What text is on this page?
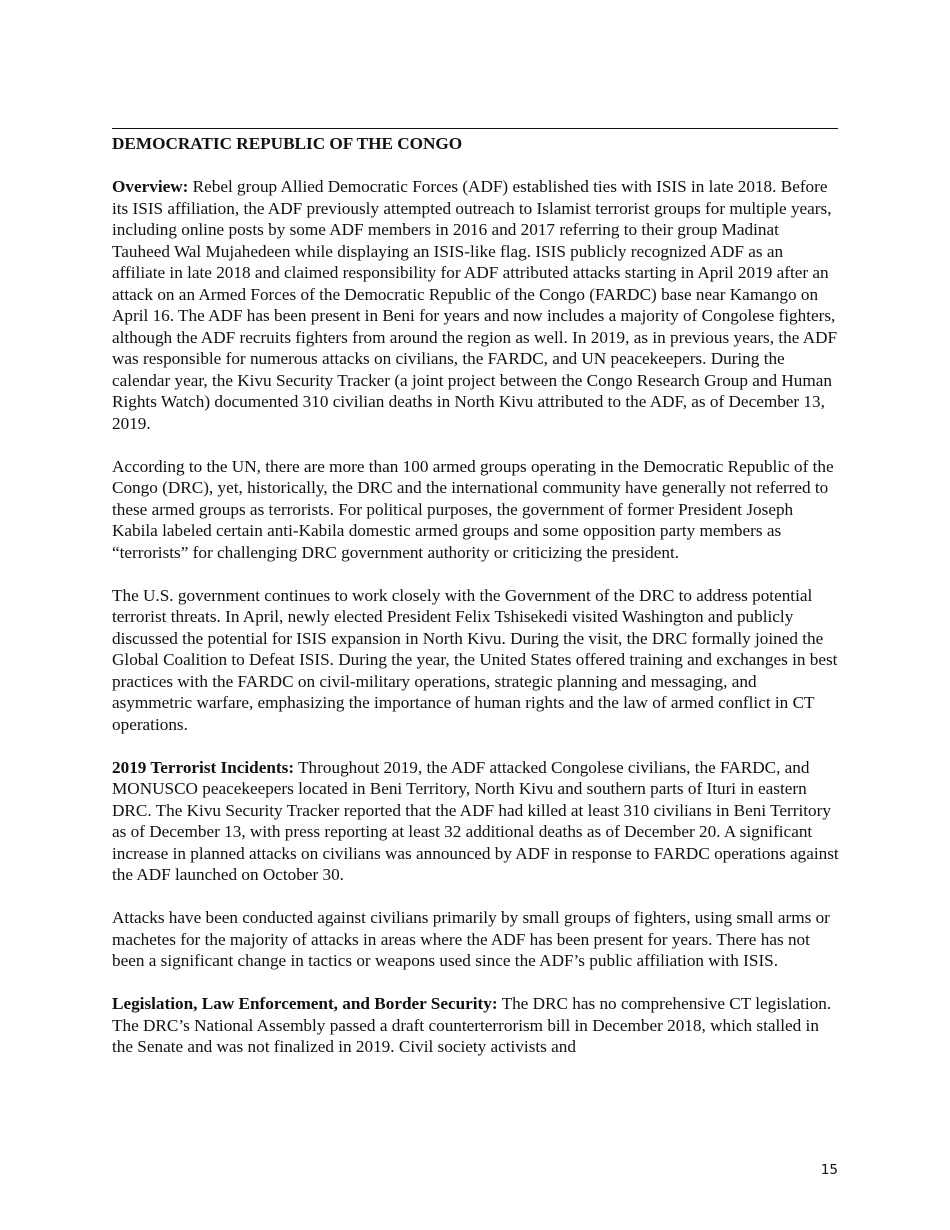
DEMOCRATIC REPUBLIC OF THE CONGO

Overview: Rebel group Allied Democratic Forces (ADF) established ties with ISIS in late 2018. Before its ISIS affiliation, the ADF previously attempted outreach to Islamist terrorist groups for multiple years, including online posts by some ADF members in 2016 and 2017 referring to their group Madinat Tauheed Wal Mujahedeen while displaying an ISIS-like flag. ISIS publicly recognized ADF as an affiliate in late 2018 and claimed responsibility for ADF attributed attacks starting in April 2019 after an attack on an Armed Forces of the Democratic Republic of the Congo (FARDC) base near Kamango on April 16. The ADF has been present in Beni for years and now includes a majority of Congolese fighters, although the ADF recruits fighters from around the region as well. In 2019, as in previous years, the ADF was responsible for numerous attacks on civilians, the FARDC, and UN peacekeepers. During the calendar year, the Kivu Security Tracker (a joint project between the Congo Research Group and Human Rights Watch) documented 310 civilian deaths in North Kivu attributed to the ADF, as of December 13, 2019.

According to the UN, there are more than 100 armed groups operating in the Democratic Republic of the Congo (DRC), yet, historically, the DRC and the international community have generally not referred to these armed groups as terrorists. For political purposes, the government of former President Joseph Kabila labeled certain anti-Kabila domestic armed groups and some opposition party members as “terrorists” for challenging DRC government authority or criticizing the president.

The U.S. government continues to work closely with the Government of the DRC to address potential terrorist threats. In April, newly elected President Felix Tshisekedi visited Washington and publicly discussed the potential for ISIS expansion in North Kivu. During the visit, the DRC formally joined the Global Coalition to Defeat ISIS. During the year, the United States offered training and exchanges in best practices with the FARDC on civil-military operations, strategic planning and messaging, and asymmetric warfare, emphasizing the importance of human rights and the law of armed conflict in CT operations.

2019 Terrorist Incidents: Throughout 2019, the ADF attacked Congolese civilians, the FARDC, and MONUSCO peacekeepers located in Beni Territory, North Kivu and southern parts of Ituri in eastern DRC. The Kivu Security Tracker reported that the ADF had killed at least 310 civilians in Beni Territory as of December 13, with press reporting at least 32 additional deaths as of December 20. A significant increase in planned attacks on civilians was announced by ADF in response to FARDC operations against the ADF launched on October 30.

Attacks have been conducted against civilians primarily by small groups of fighters, using small arms or machetes for the majority of attacks in areas where the ADF has been present for years. There has not been a significant change in tactics or weapons used since the ADF’s public affiliation with ISIS.

Legislation, Law Enforcement, and Border Security: The DRC has no comprehensive CT legislation. The DRC’s National Assembly passed a draft counterterrorism bill in December 2018, which stalled in the Senate and was not finalized in 2019. Civil society activists and

15
